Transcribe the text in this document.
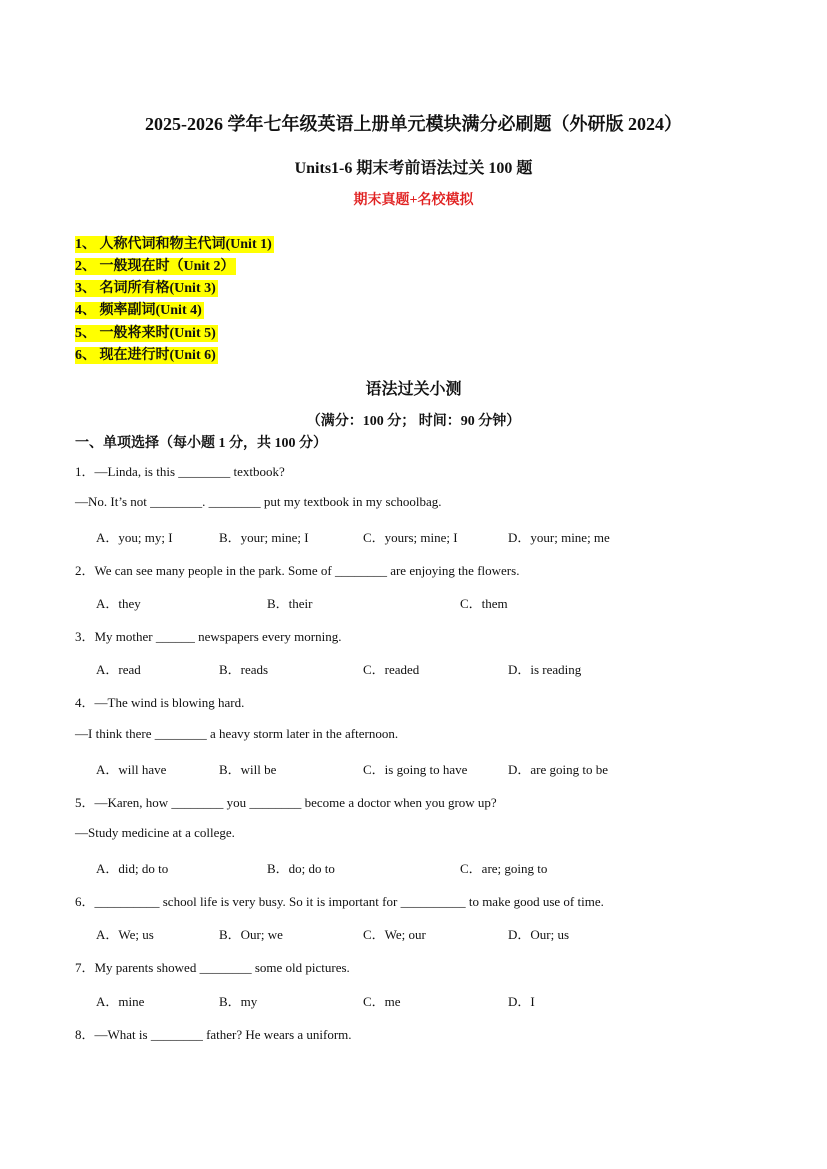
2025-2026 学年七年级英语上册单元模块满分必刷题（外研版 2024）
Units1-6 期末考前语法过关 100 题
期末真题+名校模拟
1、 人称代词和物主代词(Unit 1)
2、 一般现在时（Unit 2）
3、 名词所有格(Unit 3)
4、 频率副词(Unit 4)
5、 一般将来时(Unit 5)
6、 现在进行时(Unit 6)
语法过关小测
（满分：100 分； 时间：90 分钟）
一、单项选择（每小题 1 分，共 100 分）
1．—Linda, is this ________ textbook?
—No. It’s not ________. ________ put my textbook in my schoolbag.
A．you; my; I	B．your; mine; I	C．yours; mine; I	D．your; mine; me
2．We can see many people in the park. Some of ________ are enjoying the flowers.
A．they	B．their	C．them
3．My mother ______ newspapers every morning.
A．read	B．reads	C．readed	D．is reading
4．—The wind is blowing hard.
—I think there ________ a heavy storm later in the afternoon.
A．will have	B．will be	C．is going to have	D．are going to be
5．—Karen, how ________ you ________ become a doctor when you grow up?
—Study medicine at a college.
A．did; do to	B．do; do to	C．are; going to
6．__________ school life is very busy. So it is important for __________ to make good use of time.
A．We; us	B．Our; we	C．We; our	D．Our; us
7．My parents showed ________ some old pictures.
A．mine	B．my	C．me	D．I
8．—What is ________ father? He wears a uniform.
